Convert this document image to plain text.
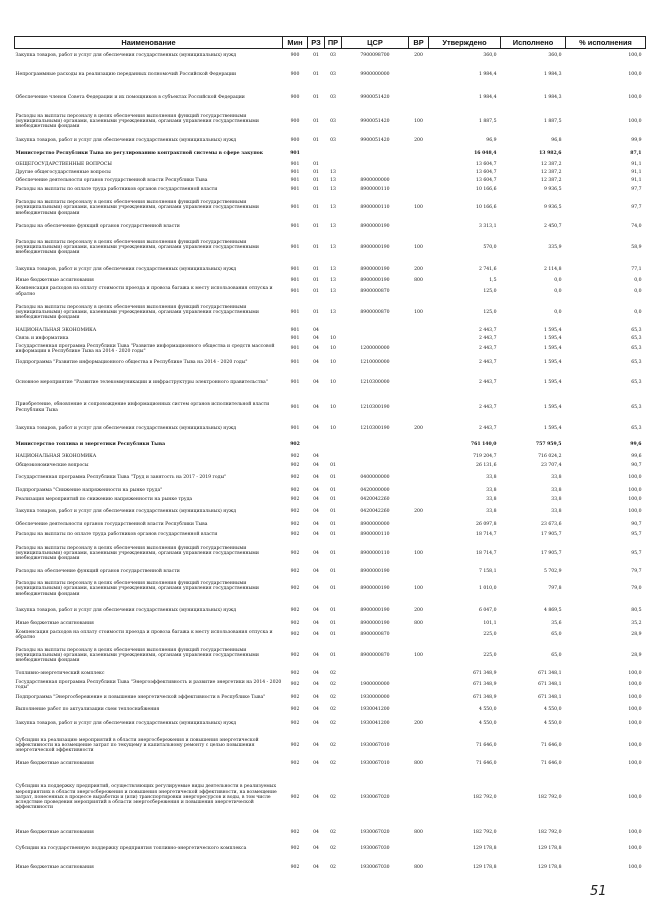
Наименование	Мин	РЗ	ПР	ЦСР	ВР	Утверждено	Исполнено	% исполнения
Закупка товаров, работ и услуг для обеспечения государственных (муниципальных) нужд	900	01	03	7900098700	200	360,0	360,0	100,0
Непрограммные расходы на реализацию переданных полномочий Российской Федерации	900	01	03	9900000000		1 984,4	1 984,3	100,0
Обеспечение членов Совета Федерации и их помощников в субъектах Российской Федерации	900	01	03	9900051420		1 984,4	1 984,3	100,0
Расходы на выплаты персоналу в целях обеспечения выполнения функций государственными (муниципальными) органами, казенными учреждениями, органами управления государственными внебюджетными фондами	900	01	03	9900051420	100	1 887,5	1 887,5	100,0
Закупка товаров, работ и услуг для обеспечения государственных (муниципальных) нужд	900	01	03	9900051420	200	96,9	96,8	99,9
Министерство Республики Тыва по регулированию контрактной системы в сфере закупок	901					16 048,4	13 982,6	87,1
ОБЩЕГОСУДАРСТВЕННЫЕ ВОПРОСЫ	901	01				13 604,7	12 387,2	91,1
Другие общегосударственные вопросы	901	01	13			13 604,7	12 387,2	91,1
Обеспечение деятельности органов государственной власти Республики Тыва	901	01	13	8900000000		13 604,7	12 387,2	91,1
Расходы на выплаты по оплате труда работников органов государственной власти	901	01	13	8900000110		10 166,6	9 936,5	97,7
Расходы на выплаты персоналу в целях обеспечения выполнения функций государственными (муниципальными) органами, казенными учреждениями, органами управления государственными внебюджетными фондами	901	01	13	8900000110	100	10 166,6	9 936,5	97,7
Расходы на обеспечение функций органов государственной власти	901	01	13	8900000190		3 313,1	2 450,7	74,0
Расходы на выплаты персоналу в целях обеспечения выполнения функций государственными (муниципальными) органами, казенными учреждениями, органами управления государственными внебюджетными фондами	901	01	13	8900000190	100	570,0	335,9	58,9
Закупка товаров, работ и услуг для обеспечения государственных (муниципальных) нужд	901	01	13	8900000190	200	2 741,6	2 114,8	77,1
Иные бюджетные ассигнования	901	01	13	8900000190	800	1,5	0,0	0,0
Компенсация расходов на оплату стоимости проезда и провоза багажа к месту использования отпуска и обратно	901	01	13	8900000870		125,0	0,0	0,0
Расходы на выплаты персоналу в целях обеспечения выполнения функций государственными (муниципальными) органами, казенными учреждениями, органами управления государственными внебюджетными фондами	901	01	13	8900000870	100	125,0	0,0	0,0
НАЦИОНАЛЬНАЯ ЭКОНОМИКА	901	04				2 443,7	1 595,4	65,3
Связь и информатика	901	04	10			2 443,7	1 595,4	65,3
Государственная программа Республики Тыва "Развитие информационного общества и средств массовой информации в Республике Тыва на 2014 - 2020 годы"	901	04	10	1200000000		2 443,7	1 595,4	65,3
Подпрограмма "Развитие информационного общества в Республике Тыва на 2014 - 2020 годы"	901	04	10	1210000000		2 443,7	1 595,4	65,3
Основное мероприятие "Развитие телекоммуникации и инфраструктуры электронного правительства"	901	04	10	1210300000		2 443,7	1 595,4	65,3
Приобретение, обновление и сопровождение информационных систем органов исполнительной власти Республики Тыва	901	04	10	1210300190		2 443,7	1 595,4	65,3
Закупка товаров, работ и услуг для обеспечения государственных (муниципальных) нужд	901	04	10	1210300190	200	2 443,7	1 595,4	65,3
Министерство топлива и энергетики Республики Тыва	902					761 140,0	757 959,5	99,6
НАЦИОНАЛЬНАЯ ЭКОНОМИКА	902	04				719 204,7	716 024,2	99,6
Общеэкономические вопросы	902	04	01			26 131,6	23 707,4	90,7
Государственная программа Республики Тыва "Труд и занятость на 2017 - 2019 годы"	902	04	01	0400000000		33,8	33,8	100,0
Подпрограмма "Снижение напряженности на рынке труда"	902	04	01	0420000000		33,8	33,8	100,0
Реализация мероприятий по снижению напряженности на рынке труда	902	04	01	0420042260		33,8	33,8	100,0
Закупка товаров, работ и услуг для обеспечения государственных (муниципальных) нужд	902	04	01	0420042260	200	33,8	33,8	100,0
Обеспечение деятельности органов государственной власти Республики Тыва	902	04	01	8900000000		26 097,8	23 673,6	90,7
Расходы на выплаты по оплате труда работников органов государственной власти	902	04	01	8900000110		18 714,7	17 905,7	95,7
Расходы на выплаты персоналу в целях обеспечения выполнения функций государственными (муниципальными) органами, казенными учреждениями, органами управления государственными внебюджетными фондами	902	04	01	8900000110	100	18 714,7	17 905,7	95,7
Расходы на обеспечение функций органов государственной власти	902	04	01	8900000190		7 158,1	5 702,9	79,7
Расходы на выплаты персоналу в целях обеспечения выполнения функций государственными (муниципальными) органами, казенными учреждениями, органами управления государственными внебюджетными фондами	902	04	01	8900000190	100	1 010,0	797,8	79,0
Закупка товаров, работ и услуг для обеспечения государственных (муниципальных) нужд	902	04	01	8900000190	200	6 047,0	4 869,5	80,5
Иные бюджетные ассигнования	902	04	01	8900000190	800	101,1	35,6	35,2
Компенсация расходов на оплату стоимости проезда и провоза багажа к месту использования отпуска и обратно	902	04	01	8900000870		225,0	65,0	28,9
Расходы на выплаты персоналу в целях обеспечения выполнения функций государственными (муниципальными) органами, казенными учреждениями, органами управления государственными внебюджетными фондами	902	04	01	8900000870	100	225,0	65,0	28,9
Топливно-энергетический комплекс	902	04	02			671 348,9	671 348,1	100,0
Государственная программа Республики Тыва "Энергоэффективность и развитие энергетики на 2014 - 2020 годы"	902	04	02	1900000000		671 348,9	671 348,1	100,0
Подпрограмма "Энергосбережение и повышение энергетической эффективности в Республике Тыва"	902	04	02	1930000000		671 348,9	671 348,1	100,0
Выполнение работ по актуализации схем теплоснабжения	902	04	02	1930041200		4 550,0	4 550,0	100,0
Закупка товаров, работ и услуг для обеспечения государственных (муниципальных) нужд	902	04	02	1930041200	200	4 550,0	4 550,0	100,0
Субсидии на реализацию мероприятий в области энергосбережения и повышения энергетической эффективности на возмещение затрат по текущему и капитальному ремонту с целью повышения энергетической эффективности	902	04	02	1930067010		71 646,0	71 646,0	100,0
Иные бюджетные ассигнования	902	04	02	1930067010	800	71 646,0	71 646,0	100,0
Субсидии на поддержку предприятий, осуществляющих регулируемые виды деятельности в реализуемых мероприятиях в области энергосбережения и повышения энергетической эффективности, на возмещение затрат, понесенных в процессе выработки и (или) транспортировки энергоресурсов и воды, в том числе вследствие проведения мероприятий в области энергосбережения и повышения энергетической эффективности	902	04	02	1930067020		182 792,0	182 792,0	100,0
Иные бюджетные ассигнования	902	04	02	1930067020	800	182 792,0	182 792,0	100,0
Субсидии на государственную поддержку предприятия топливно-энергетического комплекса	902	04	02	1930067030		129 178,8	129 178,8	100,0
Иные бюджетные ассигнования	902	04	02	1930067030	800	129 178,8	129 178,8	100,0
51
